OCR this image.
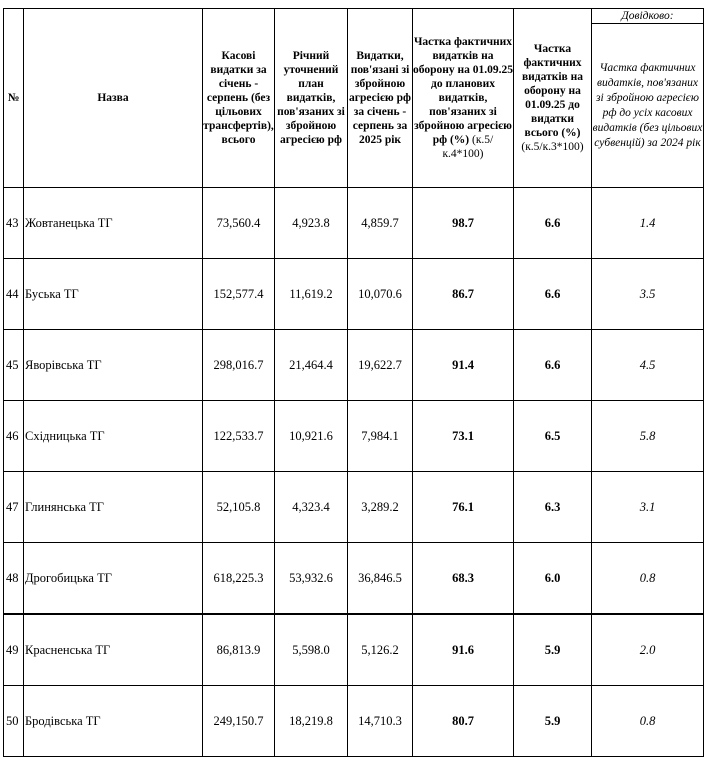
№	Назва	Касові видатки за січень - серпень (без цільових трансфертів), всього	Річний уточнений план видатків, пов'язаних зі збройною агресією рф	Видатки, пов'язані зі збройною агресією рф за січень - серпень за 2025 рік	Частка фактичних видатків на оборону на 01.09.25 до планових видатків, пов'язаних зі збройною агресією рф (%) (к.5/к.4*100)	Частка фактичних видатків на оборону на 01.09.25 до видатки всього (%) (к.5/к.3*100)	Довідково:
							Частка фактичних видатків, пов'язаних зі збройною агресією рф до усіх касових видатків (без цільових субвенцій) за 2024 рік
43	Жовтанецька ТГ	73,560.4	4,923.8	4,859.7	98.7	6.6	1.4
44	Буська ТГ	152,577.4	11,619.2	10,070.6	86.7	6.6	3.5
45	Яворівська ТГ	298,016.7	21,464.4	19,622.7	91.4	6.6	4.5
46	Східницька ТГ	122,533.7	10,921.6	7,984.1	73.1	6.5	5.8
47	Глинянська ТГ	52,105.8	4,323.4	3,289.2	76.1	6.3	3.1
48	Дрогобицька ТГ	618,225.3	53,932.6	36,846.5	68.3	6.0	0.8
49	Красненська ТГ	86,813.9	5,598.0	5,126.2	91.6	5.9	2.0
50	Бродівська ТГ	249,150.7	18,219.8	14,710.3	80.7	5.9	0.8
